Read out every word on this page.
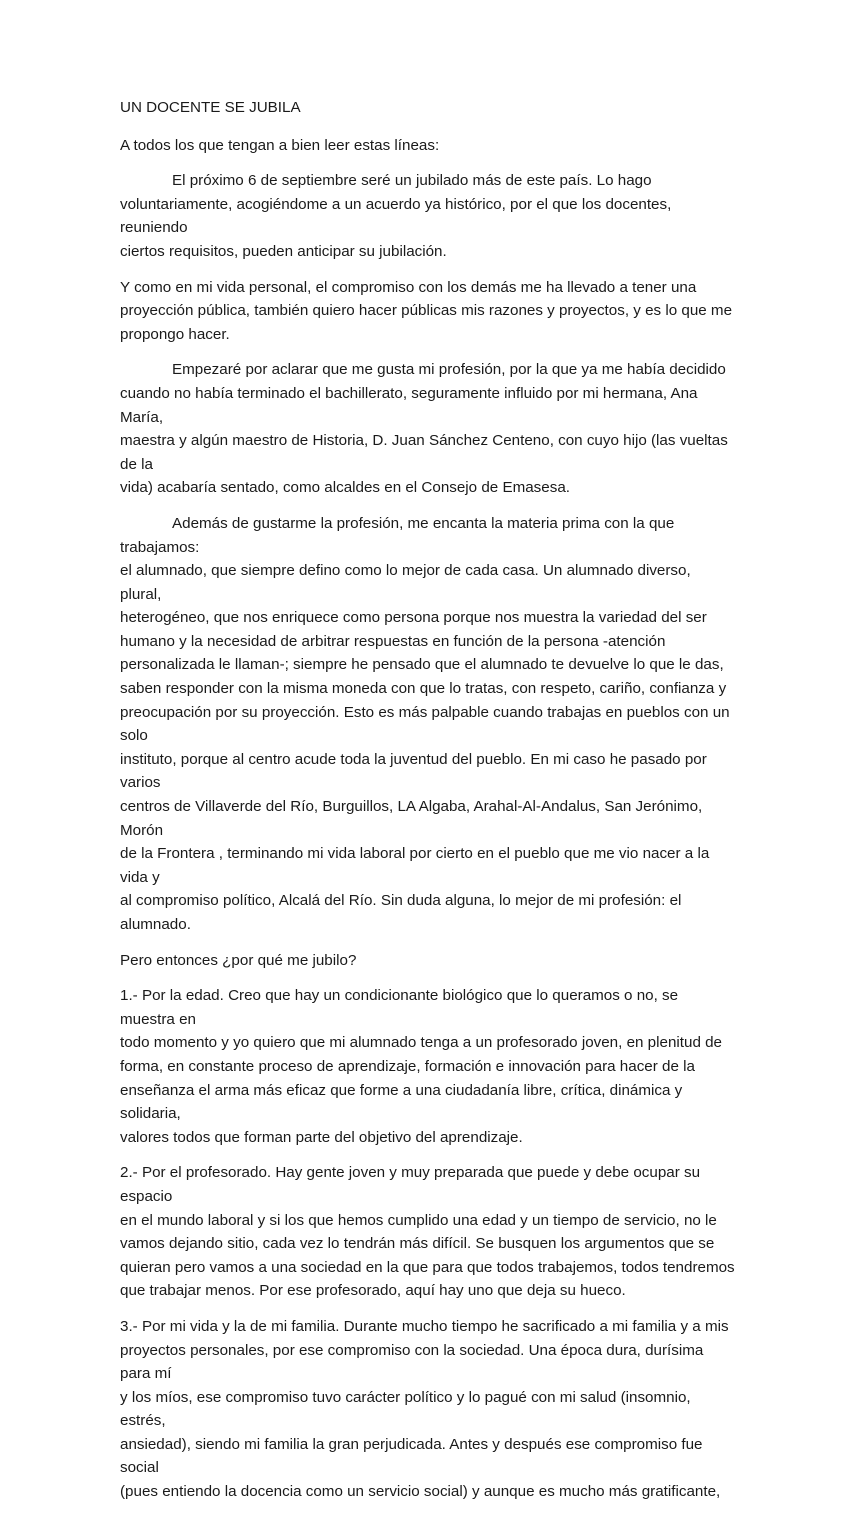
UN DOCENTE SE JUBILA

A todos los que tengan a bien leer estas líneas:

El próximo 6 de septiembre seré un jubilado más de este país. Lo hago
voluntariamente, acogiéndome a un acuerdo ya histórico, por el que los docentes, reuniendo
ciertos requisitos, pueden anticipar su jubilación.

Y como en mi vida personal, el compromiso con los demás me ha llevado a tener una
proyección pública, también quiero hacer públicas mis razones y proyectos, y es lo que me
propongo hacer.

Empezaré por aclarar que me gusta mi profesión, por la que ya me había decidido
cuando no había terminado el bachillerato, seguramente influido por mi hermana, Ana María,
maestra y algún maestro de Historia, D. Juan Sánchez Centeno, con cuyo hijo (las vueltas de la
vida) acabaría sentado, como alcaldes en el Consejo de Emasesa.

Además de gustarme la profesión, me encanta la materia prima con la que trabajamos:
el alumnado, que siempre defino como lo mejor de cada casa. Un alumnado diverso, plural,
heterogéneo, que nos enriquece como persona porque nos muestra la variedad del ser
humano y la necesidad de arbitrar respuestas en función de la persona -atención
personalizada le llaman-; siempre he pensado que el alumnado te devuelve lo que le das,
saben responder con la misma moneda con que lo tratas, con respeto, cariño, confianza y
preocupación por su proyección. Esto es más palpable cuando trabajas en pueblos con un solo
instituto, porque al centro acude toda la juventud del pueblo. En mi caso he pasado por varios
centros de Villaverde del Río, Burguillos, LA Algaba, Arahal-Al-Andalus, San Jerónimo, Morón
de la Frontera , terminando mi vida laboral por cierto en el pueblo que me vio nacer a la vida y
al compromiso político, Alcalá del Río. Sin duda alguna, lo mejor de mi profesión: el alumnado.

Pero entonces ¿por qué me jubilo?

1.- Por la edad. Creo que hay un condicionante biológico que lo queramos o no, se muestra en
todo momento y yo quiero que mi alumnado tenga a un profesorado joven, en plenitud de
forma, en constante proceso de aprendizaje, formación e innovación para hacer de la
enseñanza el arma más eficaz que forme a una ciudadanía libre, crítica, dinámica y solidaria,
valores todos que forman parte del objetivo del aprendizaje.

2.- Por el profesorado. Hay gente joven y muy preparada que puede y debe ocupar su espacio
en el mundo laboral y si los que hemos cumplido una edad y un tiempo de servicio, no le
vamos dejando sitio, cada vez lo tendrán más difícil. Se busquen los argumentos que se
quieran pero vamos a una sociedad en la que para que todos trabajemos, todos tendremos
que trabajar menos. Por ese profesorado, aquí hay uno que deja su hueco.

3.- Por mi vida y la de mi familia. Durante mucho tiempo he sacrificado a mi familia y a mis
proyectos personales, por ese compromiso con la sociedad. Una época dura, durísima para mí
y los míos, ese compromiso tuvo carácter político y lo pagué con mi salud (insomnio, estrés,
ansiedad), siendo mi familia la gran perjudicada. Antes y después ese compromiso fue social
(pues entiendo la docencia como un servicio social) y aunque es mucho más gratificante,
